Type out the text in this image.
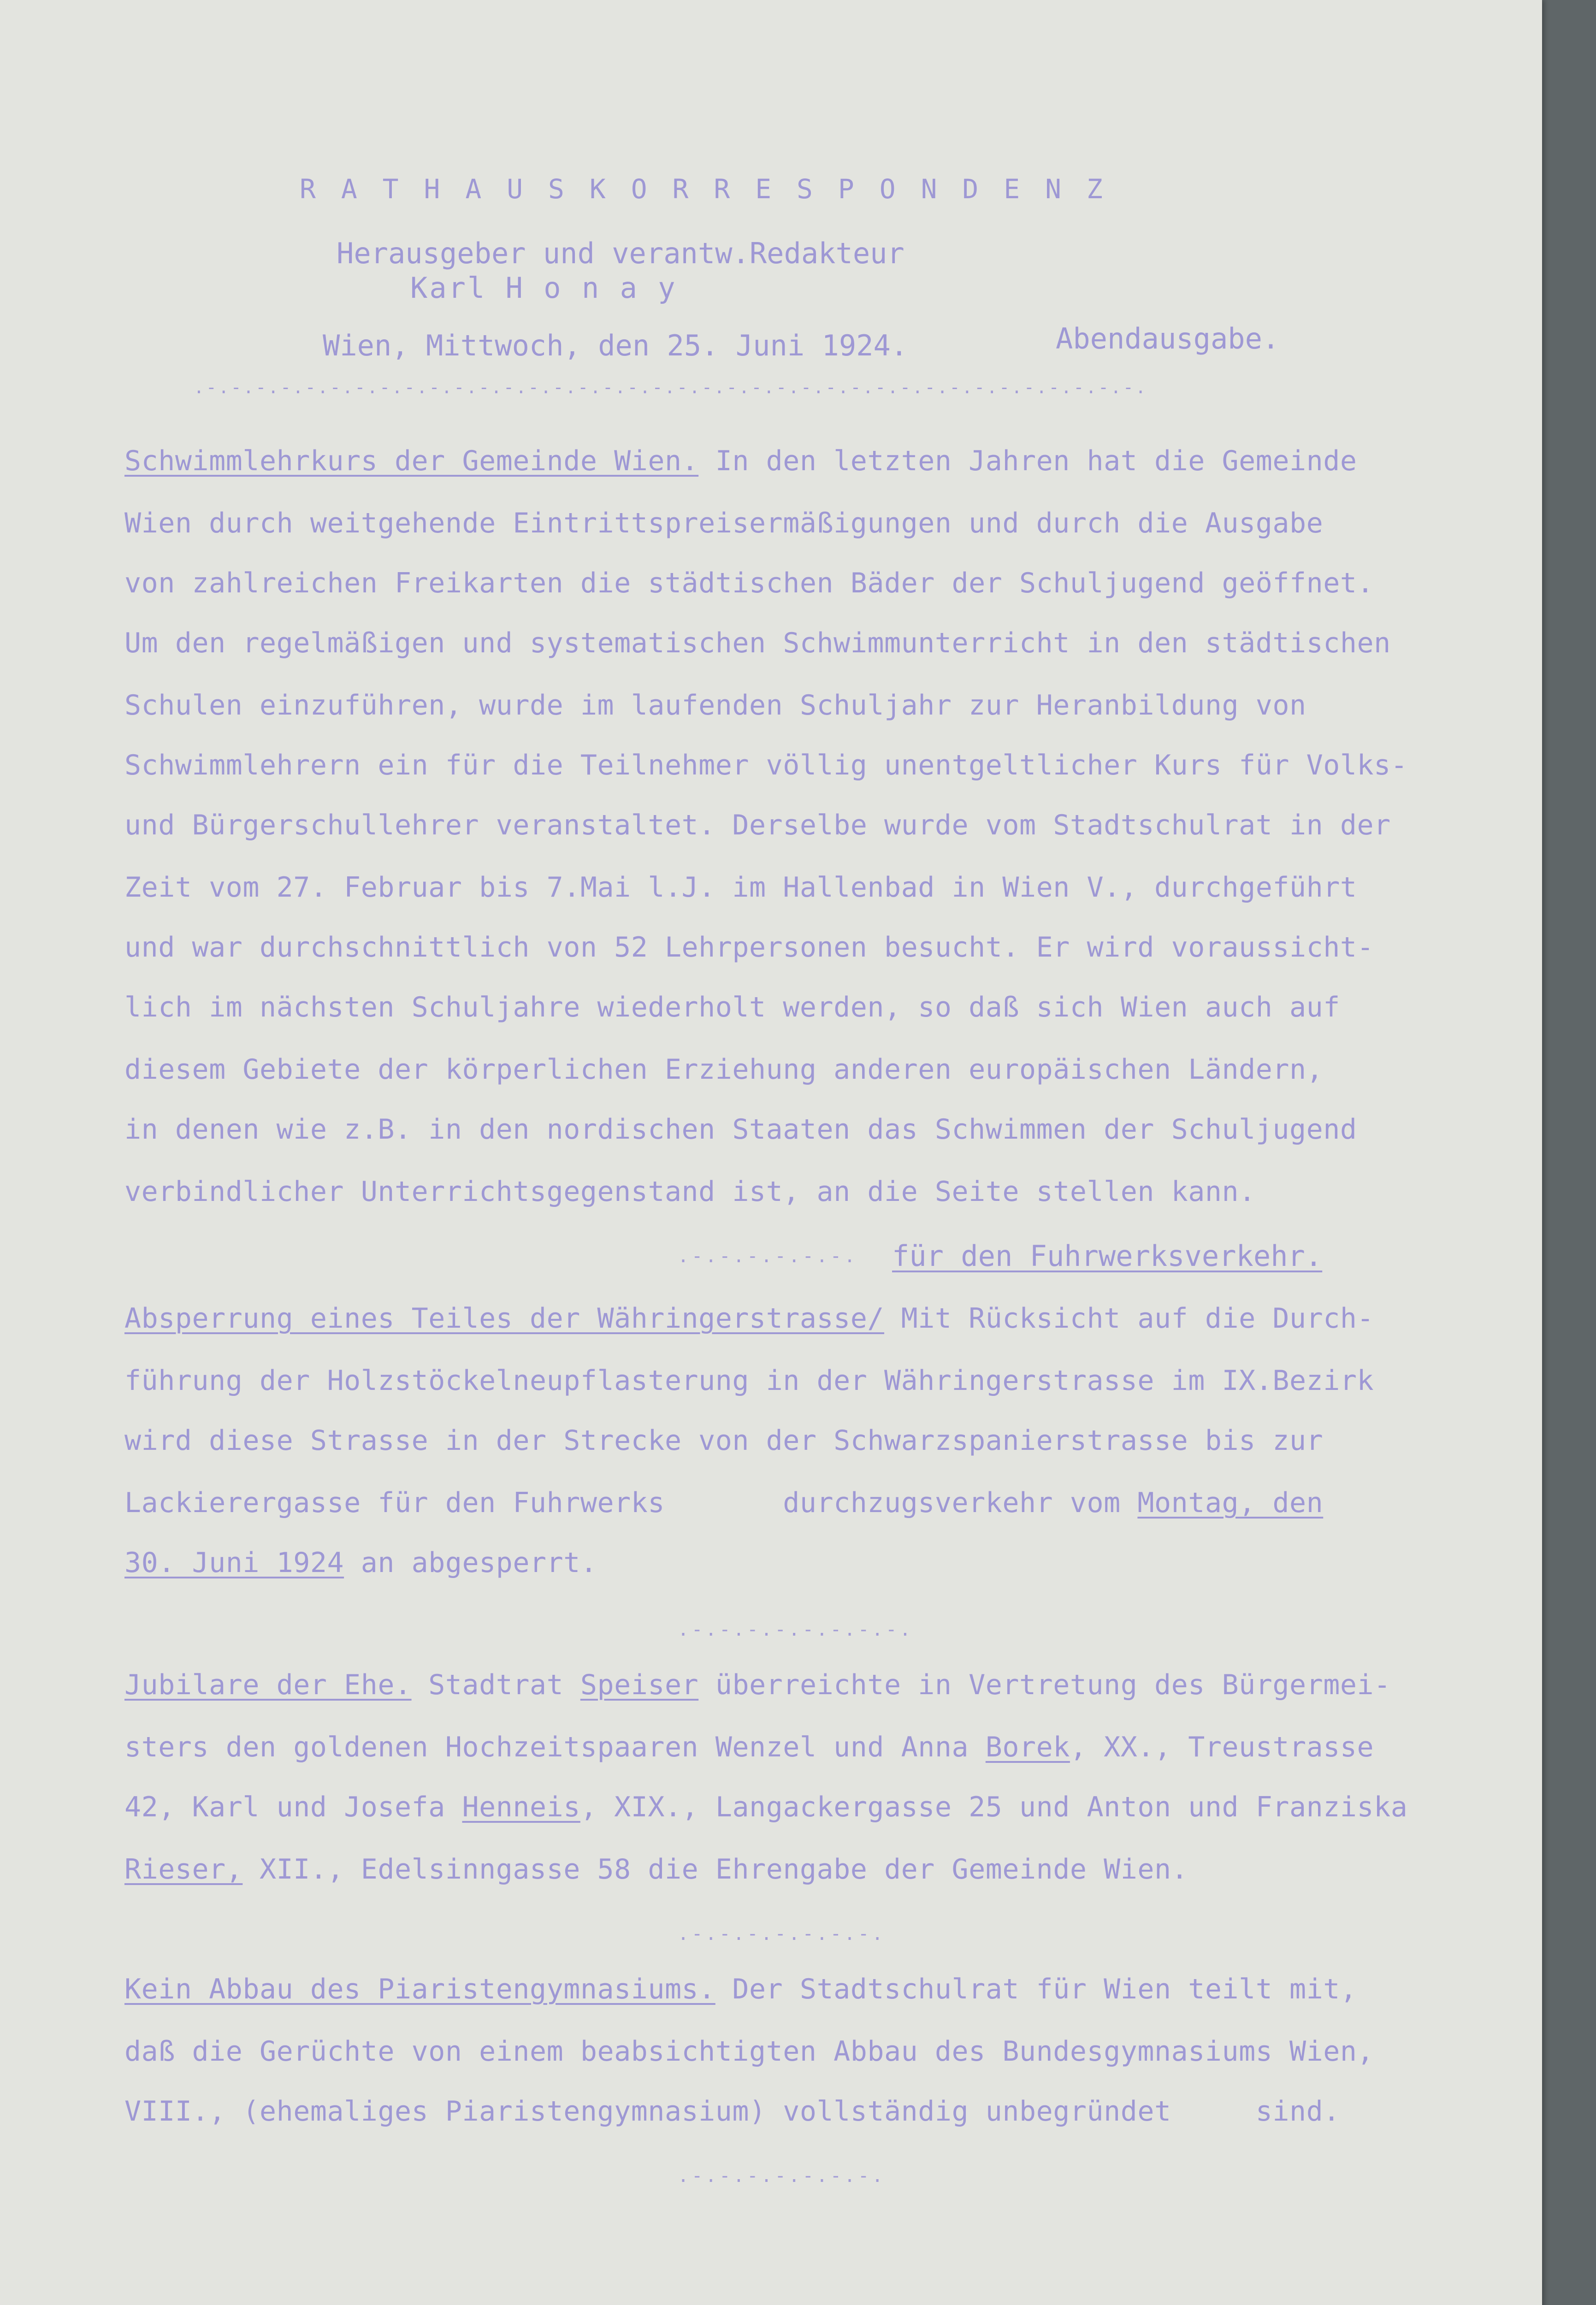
R A T H A U S K O R R E S P O N D E N Z
Herausgeber und verantw.Redakteur
Karl H o n a y
Wien, Mittwoch, den 25. Juni 1924.	Abendausgabe.
.-.-.-.-.-.-.-.-.-.-.-.-.-.-.-.-.-.-.-.-.-.-.-.-.-.-.-.-.-.-.-.-.-.-.-.-.-.-.
Schwimmlehrkurs der Gemeinde Wien. In den letzten Jahren hat die Gemeinde
Wien durch weitgehende Eintrittspreisermäßigungen und durch die Ausgabe
von zahlreichen Freikarten die städtischen Bäder der Schuljugend geöffnet.
Um den regelmäßigen und systematischen Schwimmunterricht in den städtischen
Schulen einzuführen, wurde im laufenden Schuljahr zur Heranbildung von
Schwimmlehrern ein für die Teilnehmer völlig unentgeltlicher Kurs für Volks-
und Bürgerschullehrer veranstaltet. Derselbe wurde vom Stadtschulrat in der
Zeit vom 27. Februar bis 7.Mai l.J. im Hallenbad in Wien V., durchgeführt
und war durchschnittlich von 52 Lehrpersonen besucht. Er wird voraussicht-
lich im nächsten Schuljahre wiederholt werden, so daß sich Wien auch auf
diesem Gebiete der körperlichen Erziehung anderen europäischen Ländern,
in denen wie z.B. in den nordischen Staaten das Schwimmen der Schuljugend
verbindlicher Unterrichtsgegenstand ist, an die Seite stellen kann.
.-.-.-.-.-.-. für den Fuhrwerksverkehr.
Absperrung eines Teiles der Währingerstrasse/ Mit Rücksicht auf die Durch-
führung der Holzstöckelneupflasterung in der Währingerstrasse im IX.Bezirk
wird diese Strasse in der Strecke von der Schwarzspanierstrasse bis zur
Lackierergasse für den Fuhrwerks       durchzugsverkehr vom Montag, den
30. Juni 1924 an abgesperrt.
.-.-.-.-.-.-.-.-.
Jubilare der Ehe. Stadtrat Speiser überreichte in Vertretung des Bürgermei-
sters den goldenen Hochzeitspaaren Wenzel und Anna Borek, XX., Treustrasse
42, Karl und Josefa Henneis, XIX., Langackergasse 25 und Anton und Franziska
Rieser, XII., Edelsinngasse 58 die Ehrengabe der Gemeinde Wien.
.-.-.-.-.-.-.-.
Kein Abbau des Piaristengymnasiums. Der Stadtschulrat für Wien teilt mit,
daß die Gerüchte von einem beabsichtigten Abbau des Bundesgymnasiums Wien,
VIII., (ehemaliges Piaristengymnasium) vollständig unbegründet     sind.
.-.-.-.-.-.-.-.
